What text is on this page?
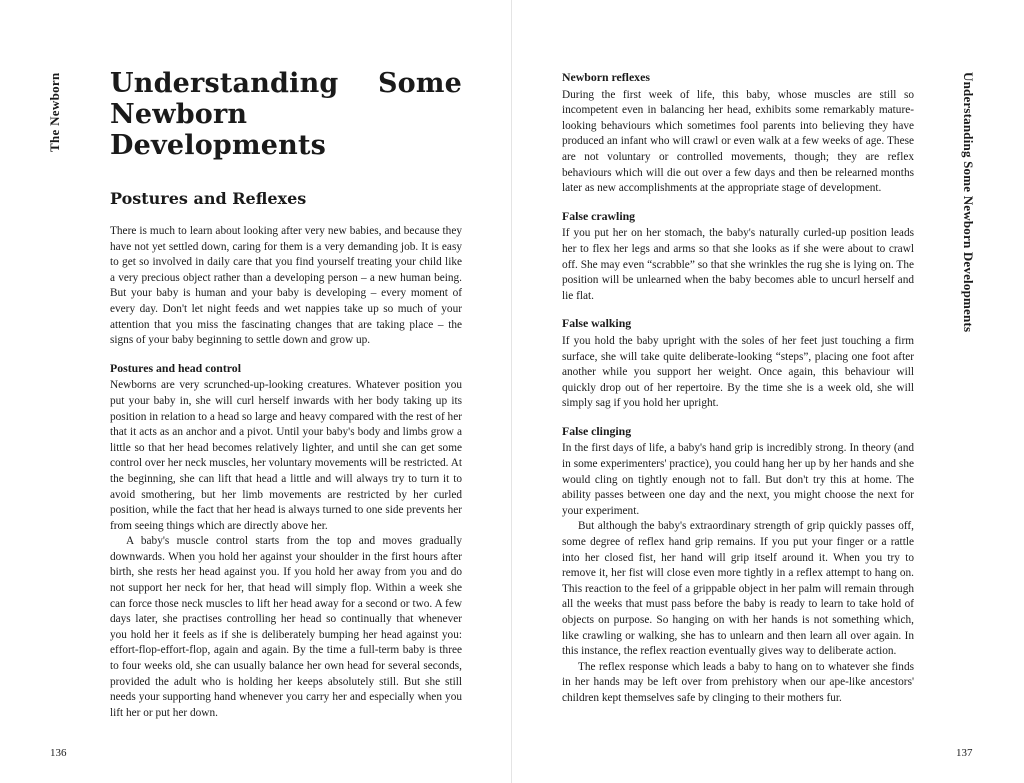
The Newborn Understanding Some Newborn Developments
Postures and Reflexes

There is much to learn about looking after very new babies, and because they have not yet settled down, caring for them is a very demanding job. It is easy to get so involved in daily care that you find yourself treating your child like a very precious object rather than a developing person – a new human being. But your baby is human and your baby is developing – every moment of every day. Don't let night feeds and wet nappies take up so much of your attention that you miss the fascinating changes that are taking place – the signs of your baby beginning to settle down and grow up.

Postures and head control

Newborns are very scrunched-up-looking creatures. Whatever position you put your baby in, she will curl herself inwards with her body taking up its position in relation to a head so large and heavy compared with the rest of her that it acts as an anchor and a pivot. Until your baby's body and limbs grow a little so that her head becomes relatively lighter, and until she can get some control over her neck muscles, her voluntary movements will be restricted. At the beginning, she can lift that head a little and will always try to turn it to avoid smothering, but her limb movements are restricted by her curled position, while the fact that her head is always turned to one side prevents her from seeing things which are directly above her.

A baby's muscle control starts from the top and moves gradually downwards. When you hold her against your shoulder in the first hours after birth, she rests her head against you. If you hold her away from you and do not support her neck for her, that head will simply flop. Within a week she can force those neck muscles to lift her head away for a second or two. A few days later, she practises controlling her head so continually that whenever you hold her it feels as if she is deliberately bumping her head against you: effort-flop-effort-flop, again and again. By the time a full-term baby is three to four weeks old, she can usually balance her own head for several seconds, provided the adult who is holding her keeps absolutely still. But she still needs your supporting hand whenever you carry her and especially when you lift her or put her down.

136
Newborn reflexes

During the first week of life, this baby, whose muscles are still so incompetent even in balancing her head, exhibits some remarkably mature-looking behaviours which sometimes fool parents into believing they have produced an infant who will crawl or even walk at a few weeks of age. These are not voluntary or controlled movements, though; they are reflex behaviours which will die out over a few days and then be relearned months later as new accomplishments at the appropriate stage of development.

False crawling

If you put her on her stomach, the baby's naturally curled-up position leads her to flex her legs and arms so that she looks as if she were about to crawl off. She may even “scrabble” so that she wrinkles the rug she is lying on. The position will be unlearned when the baby becomes able to uncurl herself and lie flat.

False walking

If you hold the baby upright with the soles of her feet just touching a firm surface, she will take quite deliberate-looking “steps”, placing one foot after another while you support her weight. Once again, this behaviour will quickly drop out of her repertoire. By the time she is a week old, she will simply sag if you hold her upright.

False clinging

In the first days of life, a baby's hand grip is incredibly strong. In theory (and in some experimenters' practice), you could hang her up by her hands and she would cling on tightly enough not to fall. But don't try this at home. The ability passes between one day and the next, you might choose the next for your experiment.

But although the baby's extraordinary strength of grip quickly passes off, some degree of reflex hand grip remains. If you put your finger or a rattle into her closed fist, her hand will grip itself around it. When you try to remove it, her fist will close even more tightly in a reflex attempt to hang on. This reaction to the feel of a grippable object in her palm will remain through all the weeks that must pass before the baby is ready to learn to take hold of objects on purpose. So hanging on with her hands is not something which, like crawling or walking, she has to unlearn and then learn all over again. In this instance, the reflex reaction eventually gives way to deliberate action.

The reflex response which leads a baby to hang on to whatever she finds in her hands may be left over from prehistory when our ape-like ancestors' children kept themselves safe by clinging to their mothers fur.

Understanding Some Newborn Developments
137
